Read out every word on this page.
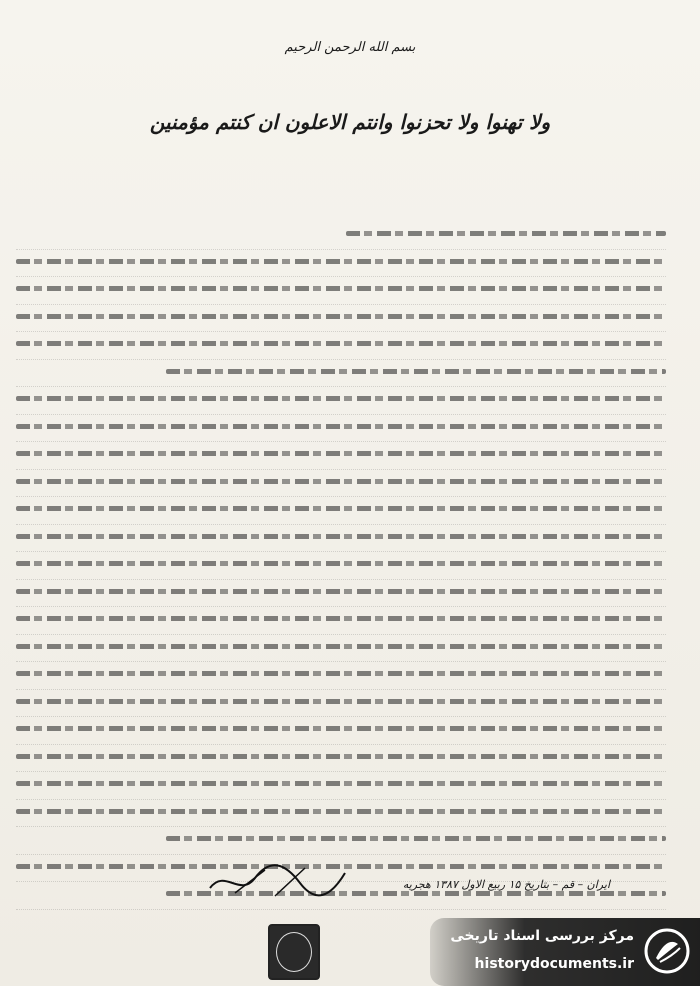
بسم الله الرحمن الرحیم
ولا تهنوا ولا تحزنوا وانتم الاعلون ان کنتم مؤمنین
ایران – قم – بتاریخ ۱۵ ربیع الاول ۱۳۸۷ هجریه
مرکز بررسی اسناد تاریخی
historydocuments.ir
